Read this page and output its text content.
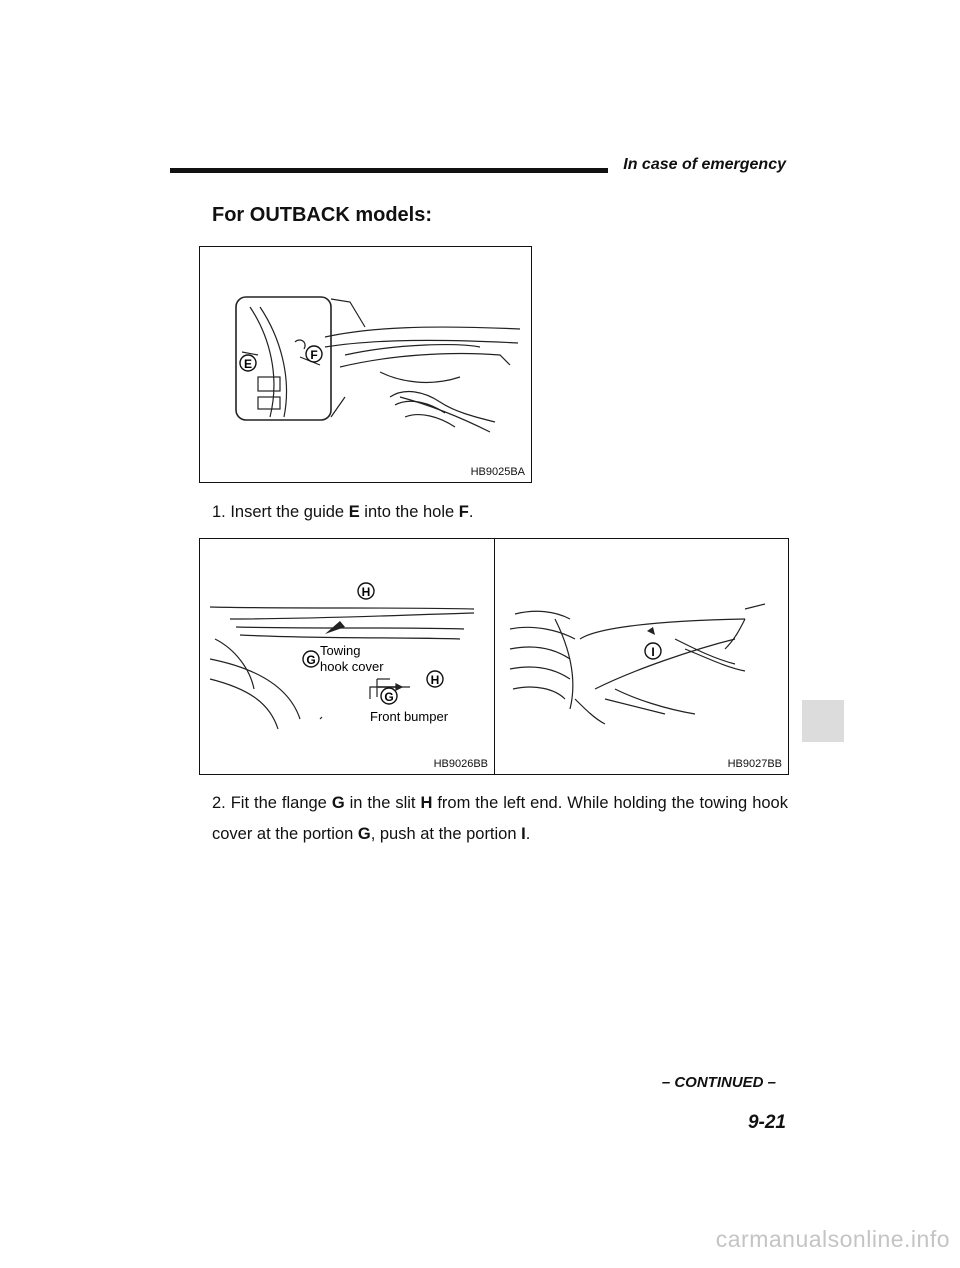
In case of emergency
For OUTBACK models:
E
F
HB9025BA
1. Insert the guide E into the hole F.
H
G
H
G
Towing
hook cover
Front bumper
HB9026BB
I
HB9027BB
2. Fit the flange G in the slit H from the left end. While holding the towing hook cover at the portion G, push at the portion I.
– CONTINUED –
9-21
carmanualsonline.info
